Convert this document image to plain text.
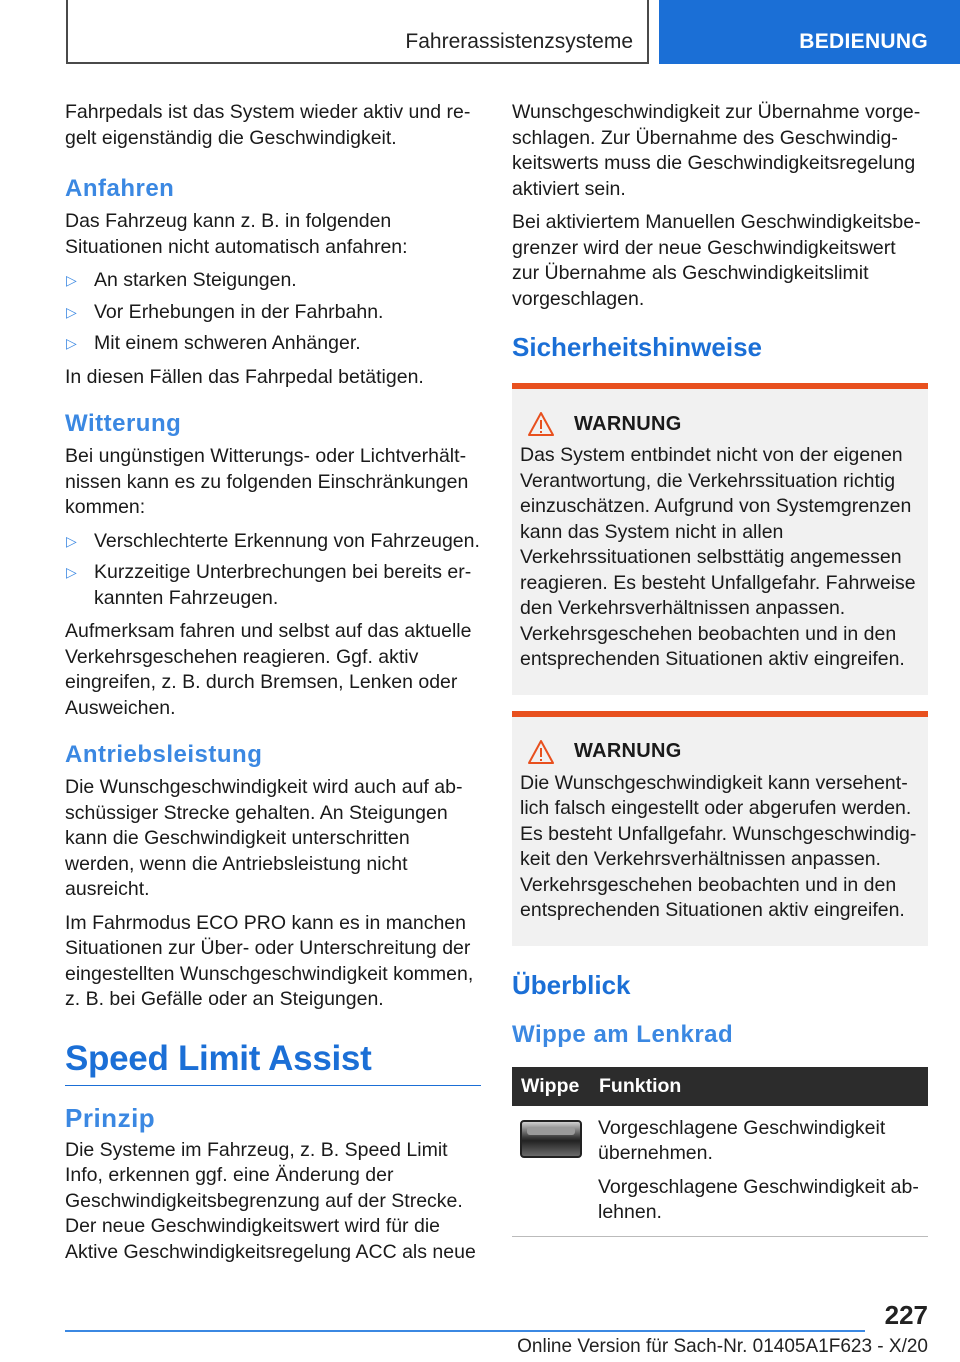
Fahrerassistenzsysteme	BEDIENUNG

Fahrpedals ist das System wieder aktiv und regelt eigenständig die Geschwindigkeit.

Anfahren

Das Fahrzeug kann z. B. in folgenden Situationen nicht automatisch anfahren:

▷ An starken Steigungen.
▷ Vor Erhebungen in der Fahrbahn.
▷ Mit einem schweren Anhänger.

In diesen Fällen das Fahrpedal betätigen.

Witterung

Bei ungünstigen Witterungs- oder Lichtverhältnissen kann es zu folgenden Einschränkungen kommen:

▷ Verschlechterte Erkennung von Fahrzeugen.
▷ Kurzzeitige Unterbrechungen bei bereits erkannten Fahrzeugen.

Aufmerksam fahren und selbst auf das aktuelle Verkehrsgeschehen reagieren. Ggf. aktiv eingreifen, z. B. durch Bremsen, Lenken oder Ausweichen.

Antriebsleistung

Die Wunschgeschwindigkeit wird auch auf abschüssiger Strecke gehalten. An Steigungen kann die Geschwindigkeit unterschritten werden, wenn die Antriebsleistung nicht ausreicht.

Im Fahrmodus ECO PRO kann es in manchen Situationen zur Über- oder Unterschreitung der eingestellten Wunschgeschwindigkeit kommen, z. B. bei Gefälle oder an Steigungen.

Speed Limit Assist
Prinzip

Die Systeme im Fahrzeug, z. B. Speed Limit Info, erkennen ggf. eine Änderung der Geschwindigkeitsbegrenzung auf der Strecke. Der neue Geschwindigkeitswert wird für die Aktive Geschwindigkeitsregelung ACC als neue

Wunschgeschwindigkeit zur Übernahme vorgeschlagen. Zur Übernahme des Geschwindigkeitswerts muss die Geschwindigkeitsregelung aktiviert sein.

Bei aktiviertem Manuellen Geschwindigkeitsbegrenzer wird der neue Geschwindigkeitswert zur Übernahme als Geschwindigkeitslimit vorgeschlagen.

Sicherheitshinweise
WARNUNG

Das System entbindet nicht von der eigenen Verantwortung, die Verkehrssituation richtig einzuschätzen. Aufgrund von Systemgrenzen kann das System nicht in allen Verkehrssituationen selbsttätig angemessen reagieren. Es besteht Unfallgefahr. Fahrweise den Verkehrsverhältnissen anpassen. Verkehrsgeschehen beobachten und in den entsprechenden Situationen aktiv eingreifen.

WARNUNG

Die Wunschgeschwindigkeit kann versehentlich falsch eingestellt oder abgerufen werden. Es besteht Unfallgefahr. Wunschgeschwindigkeit den Verkehrsverhältnissen anpassen. Verkehrsgeschehen beobachten und in den entsprechenden Situationen aktiv eingreifen.

Überblick
Wippe am Lenkrad
Wippe	Funktion

	Vorgeschlagene Geschwindigkeit übernehmen.

Vorgeschlagene Geschwindigkeit ablehnen.

227
Online Version für Sach-Nr. 01405A1F623 - X/20
